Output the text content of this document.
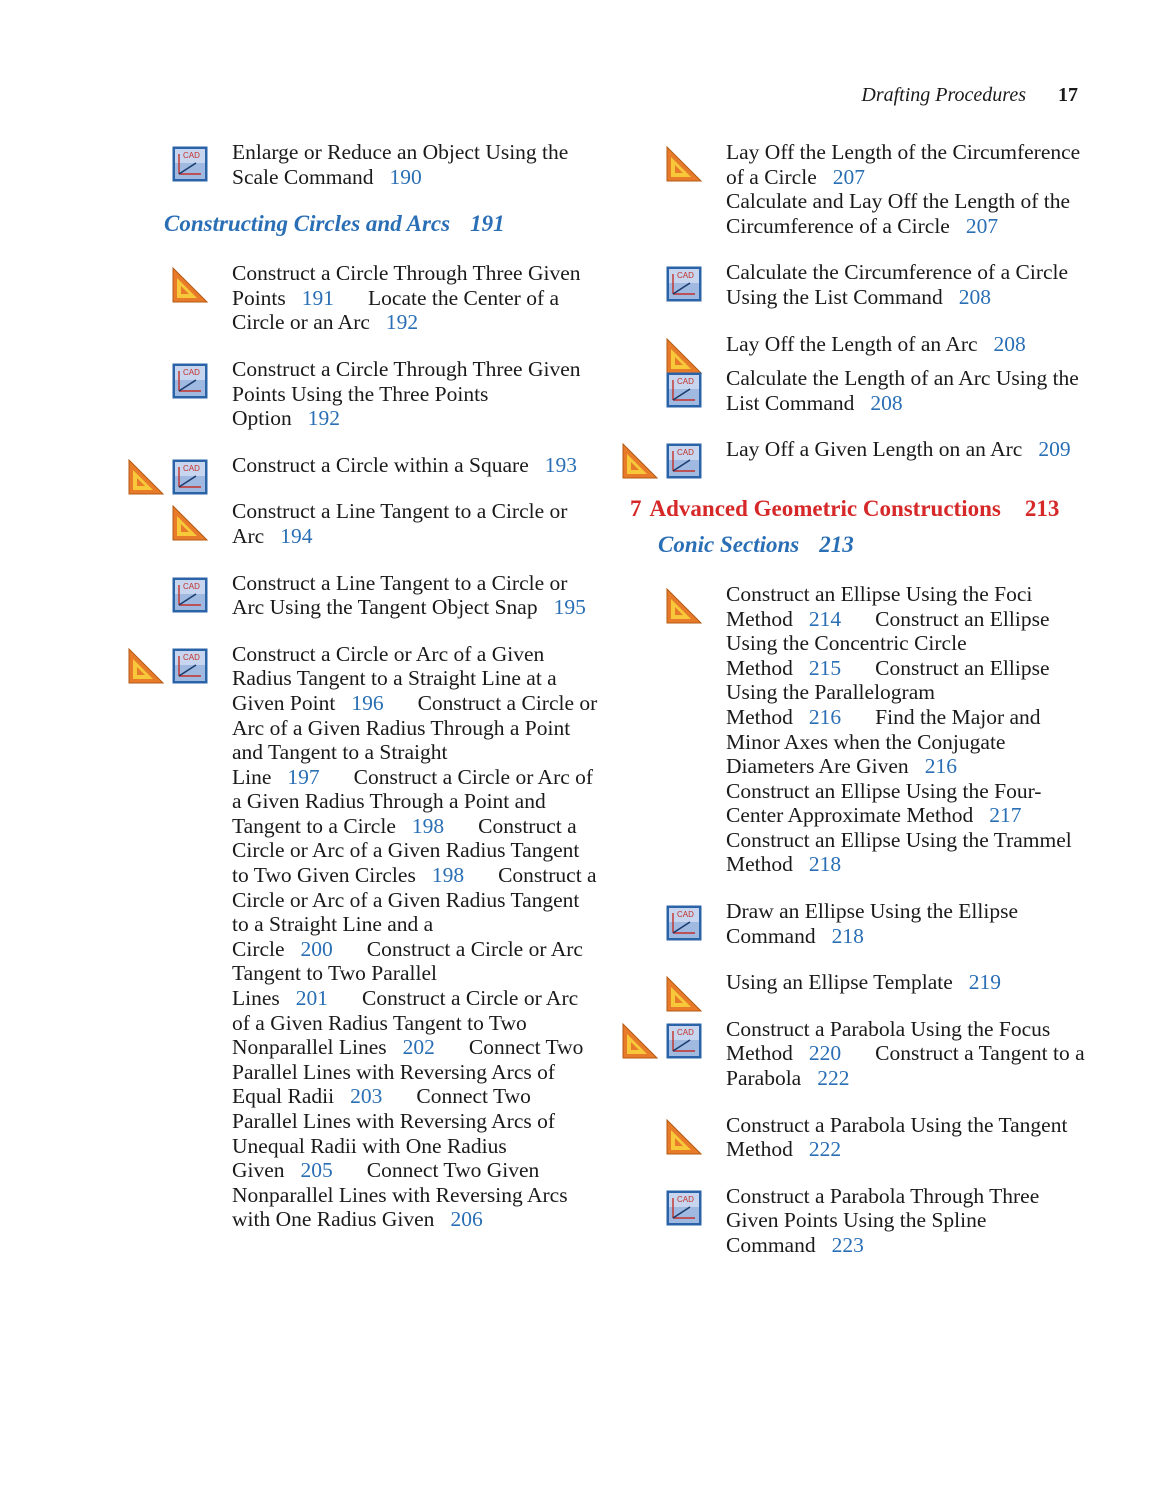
Drafting Procedures 17
Enlarge or Reduce an Object Using the Scale Command 190
Constructing Circles and Arcs 191
Construct a Circle Through Three Given Points 191 Locate the Center of a Circle or an Arc 192
Construct a Circle Through Three Given Points Using the Three Points Option 192
Construct a Circle within a Square 193
Construct a Line Tangent to a Circle or Arc 194
Construct a Line Tangent to a Circle or Arc Using the Tangent Object Snap 195
Construct a Circle or Arc of a Given Radius Tangent to a Straight Line at a Given Point 196 Construct a Circle or Arc of a Given Radius Through a Point and Tangent to a Straight Line 197 Construct a Circle or Arc of a Given Radius Through a Point and Tangent to a Circle 198 Construct a Circle or Arc of a Given Radius Tangent to Two Given Circles 198 Construct a Circle or Arc of a Given Radius Tangent to a Straight Line and a Circle 200 Construct a Circle or Arc Tangent to Two Parallel Lines 201 Construct a Circle or Arc of a Given Radius Tangent to Two Nonparallel Lines 202 Connect Two Parallel Lines with Reversing Arcs of Equal Radii 203 Connect Two Parallel Lines with Reversing Arcs of Unequal Radii with One Radius Given 205 Connect Two Given Nonparallel Lines with Reversing Arcs with One Radius Given 206
Lay Off the Length of the Circumference of a Circle 207
Calculate and Lay Off the Length of the Circumference of a Circle 207
Calculate the Circumference of a Circle Using the List Command 208
Lay Off the Length of an Arc 208
Calculate the Length of an Arc Using the List Command 208
Lay Off a Given Length on an Arc 209
7 Advanced Geometric Constructions 213
Conic Sections 213
Construct an Ellipse Using the Foci Method 214 Construct an Ellipse Using the Concentric Circle Method 215 Construct an Ellipse Using the Parallelogram Method 216 Find the Major and Minor Axes when the Conjugate Diameters Are Given 216
Construct an Ellipse Using the Four-Center Approximate Method 217
Construct an Ellipse Using the Trammel Method 218
Draw an Ellipse Using the Ellipse Command 218
Using an Ellipse Template 219
Construct a Parabola Using the Focus Method 220 Construct a Tangent to a Parabola 222
Construct a Parabola Using the Tangent Method 222
Construct a Parabola Through Three Given Points Using the Spline Command 223
